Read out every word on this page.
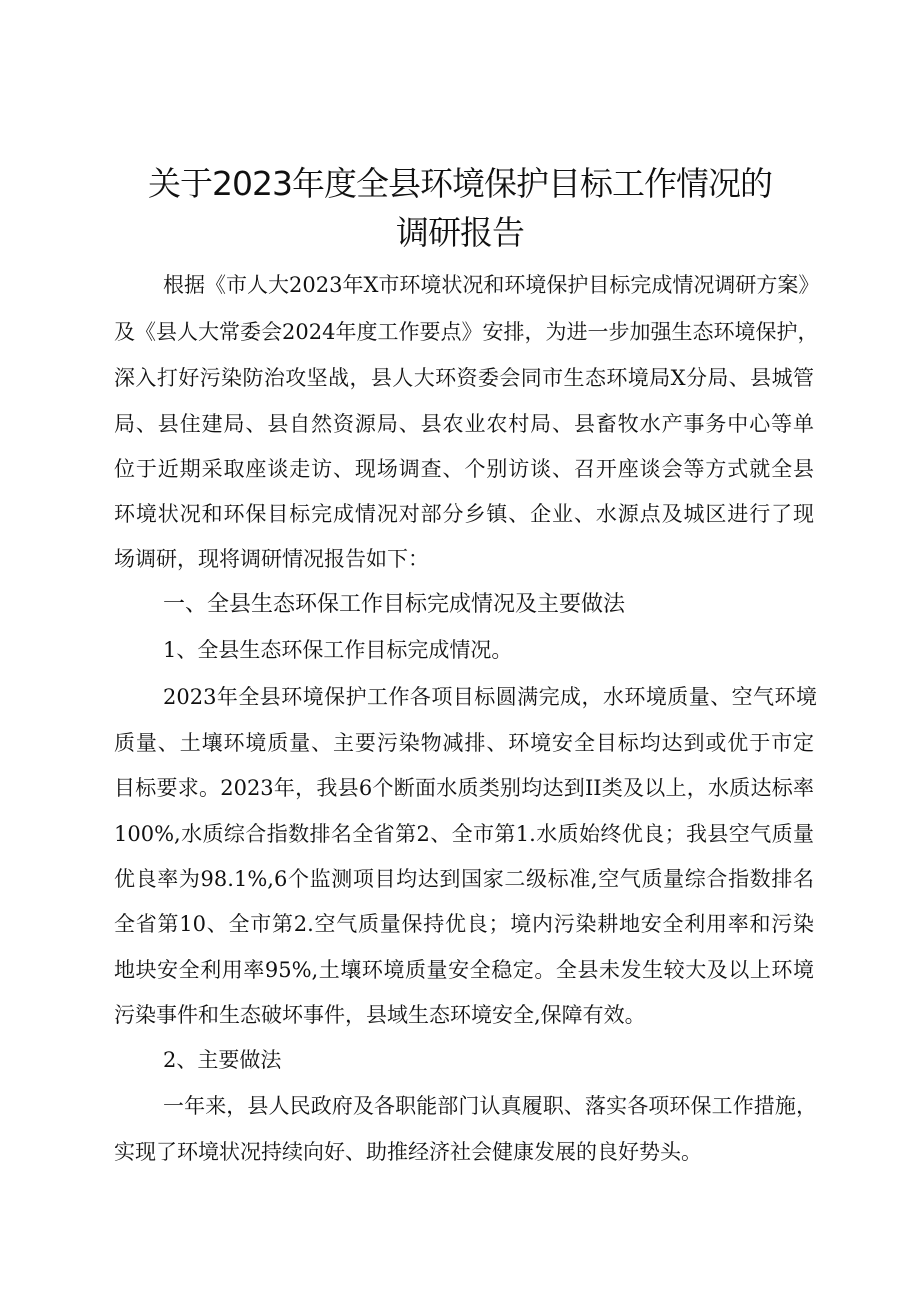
关于2023年度全县环境保护目标工作情况的
调研报告

根据《市人大2023年X市环境状况和环境保护目标完成情况调研方案》

及《县人大常委会2024年度工作要点》安排，为进一步加强生态环境保护，

深入打好污染防治攻坚战，县人大环资委会同市生态环境局X分局、县城管

局、县住建局、县自然资源局、县农业农村局、县畜牧水产事务中心等单

位于近期采取座谈走访、现场调查、个别访谈、召开座谈会等方式就全县

环境状况和环保目标完成情况对部分乡镇、企业、水源点及城区进行了现

场调研，现将调研情况报告如下：

一、全县生态环保工作目标完成情况及主要做法

1、全县生态环保工作目标完成情况。

2023年全县环境保护工作各项目标圆满完成，水环境质量、空气环境

质量、土壤环境质量、主要污染物减排、环境安全目标均达到或优于市定

目标要求。2023年，我县6个断面水质类别均达到II类及以上，水质达标率

100%,水质综合指数排名全省第2、全市第1.水质始终优良；我县空气质量

优良率为98.1%,6个监测项目均达到国家二级标准,空气质量综合指数排名

全省第10、全市第2.空气质量保持优良；境内污染耕地安全利用率和污染

地块安全利用率95%,土壤环境质量安全稳定。全县未发生较大及以上环境

污染事件和生态破坏事件，县域生态环境安全,保障有效。

2、主要做法

一年来，县人民政府及各职能部门认真履职、落实各项环保工作措施，

实现了环境状况持续向好、助推经济社会健康发展的良好势头。
